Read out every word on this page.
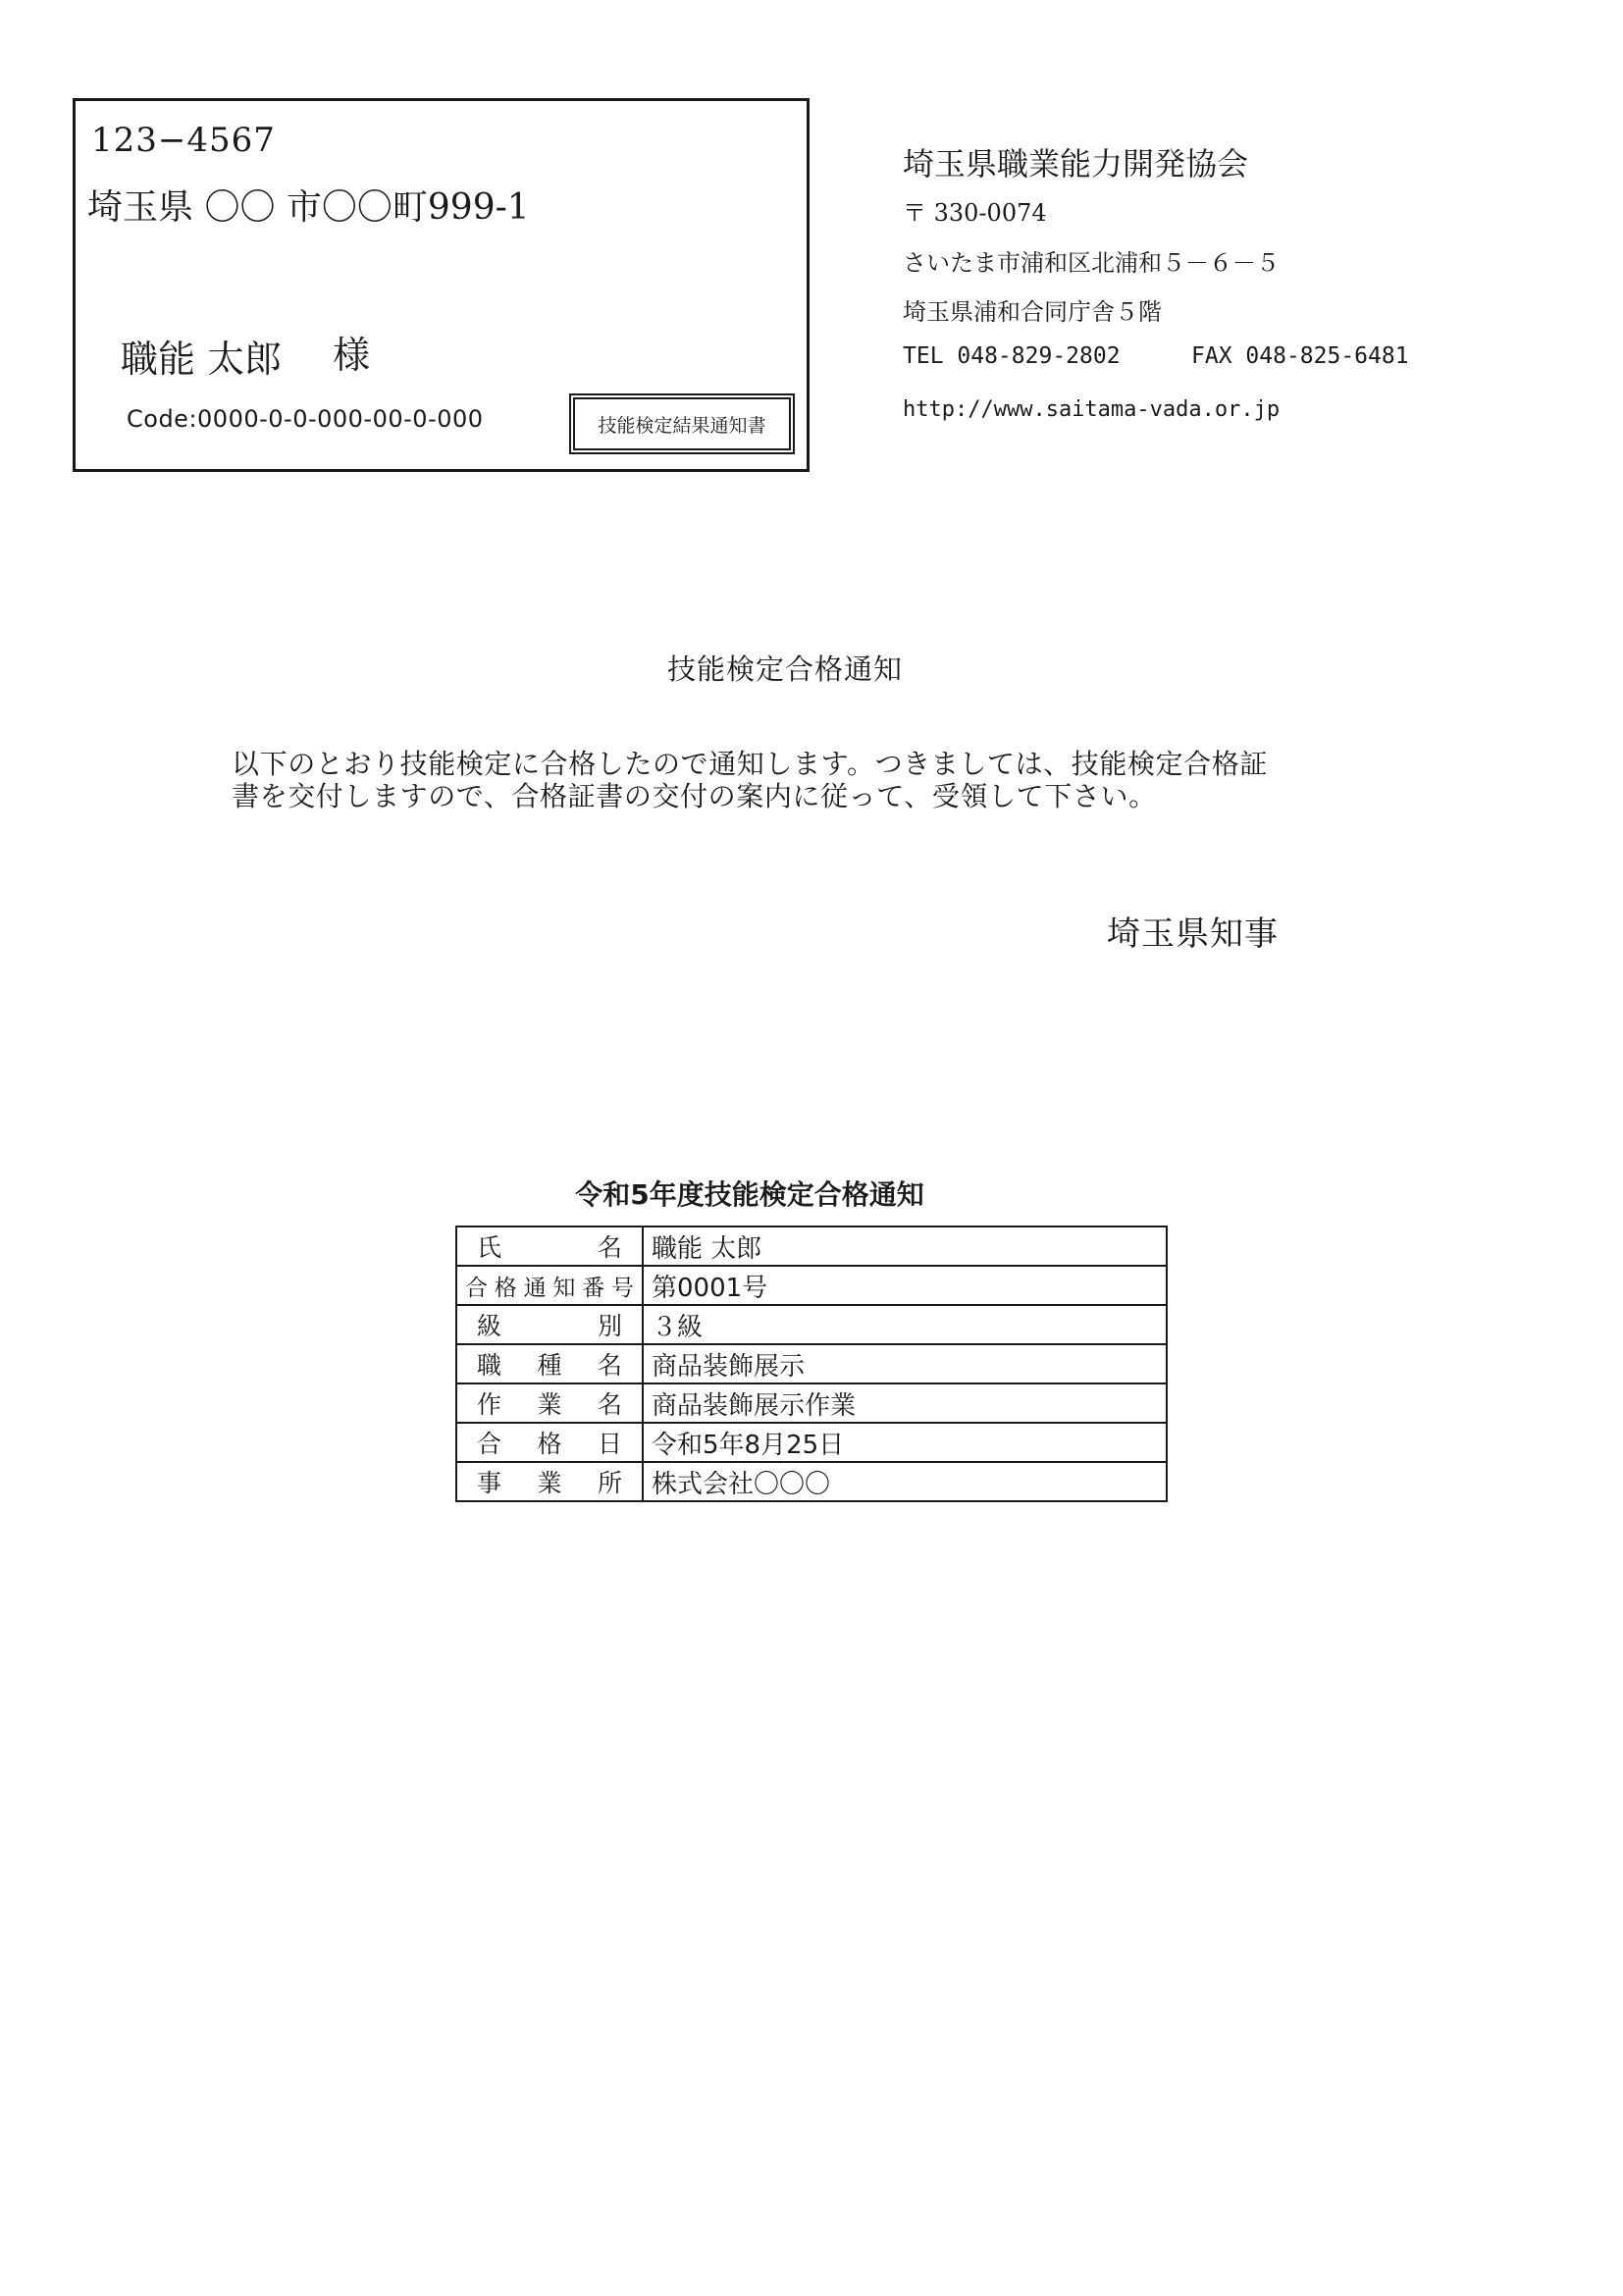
123−4567
埼玉県 〇〇 市〇〇町999-1
職能 太郎 様
Code:0000-0-0-000-00-0-000	技能検定結果通知書
埼玉県職業能力開発協会
〒 330-0074
さいたま市浦和区北浦和５－６－５
埼玉県浦和合同庁舎５階
TEL 048-829-2802	FAX 048-825-6481
http://www.saitama-vada.or.jp
技能検定合格通知
以下のとおり技能検定に合格したので通知します。つきましては、技能検定合格証
書を交付しますので、合格証書の交付の案内に従って、受領して下さい。
埼玉県知事
令和5年度技能検定合格通知
氏名	職能 太郎
合格通知番号	第0001号
級別	３級
職種名	商品装飾展示
作業名	商品装飾展示作業
合格日	令和5年8月25日
事業所	株式会社〇〇〇
